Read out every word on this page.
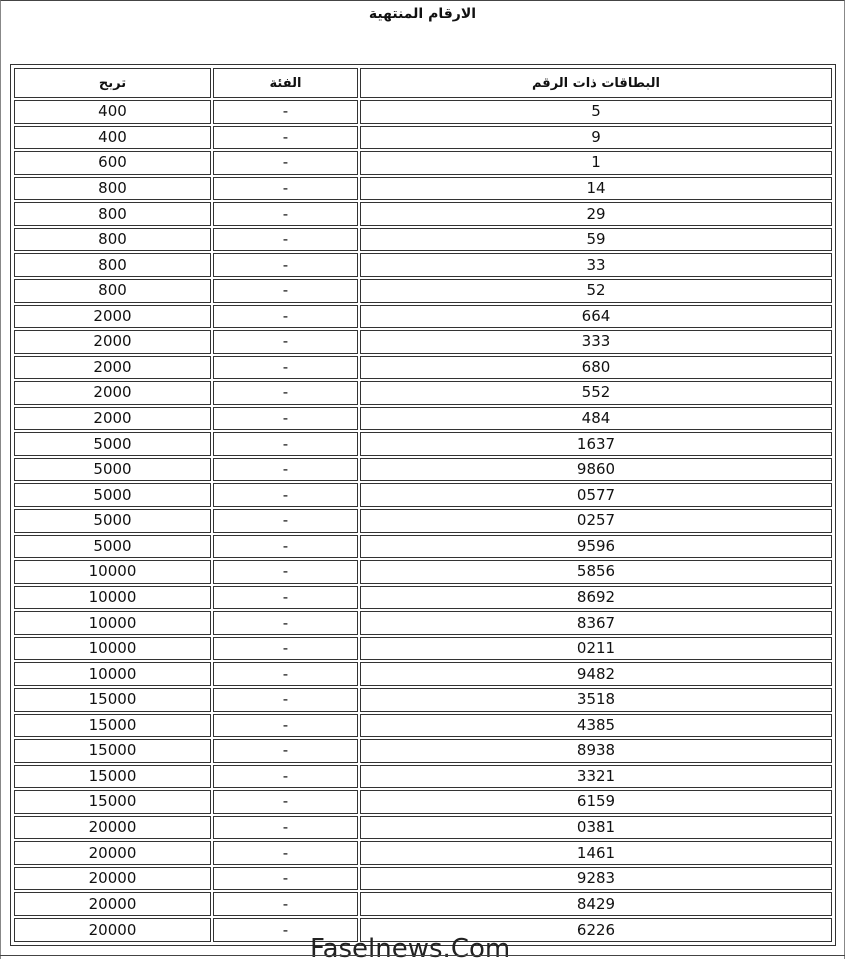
الارقام المنتهية
تربح	الفئة	البطاقات ذات الرقم
400	-	5
400	-	9
600	-	1
800	-	14
800	-	29
800	-	59
800	-	33
800	-	52
2000	-	664
2000	-	333
2000	-	680
2000	-	552
2000	-	484
5000	-	1637
5000	-	9860
5000	-	0577
5000	-	0257
5000	-	9596
10000	-	5856
10000	-	8692
10000	-	8367
10000	-	0211
10000	-	9482
15000	-	3518
15000	-	4385
15000	-	8938
15000	-	3321
15000	-	6159
20000	-	0381
20000	-	1461
20000	-	9283
20000	-	8429
20000	-	6226
Faselnews.Com
